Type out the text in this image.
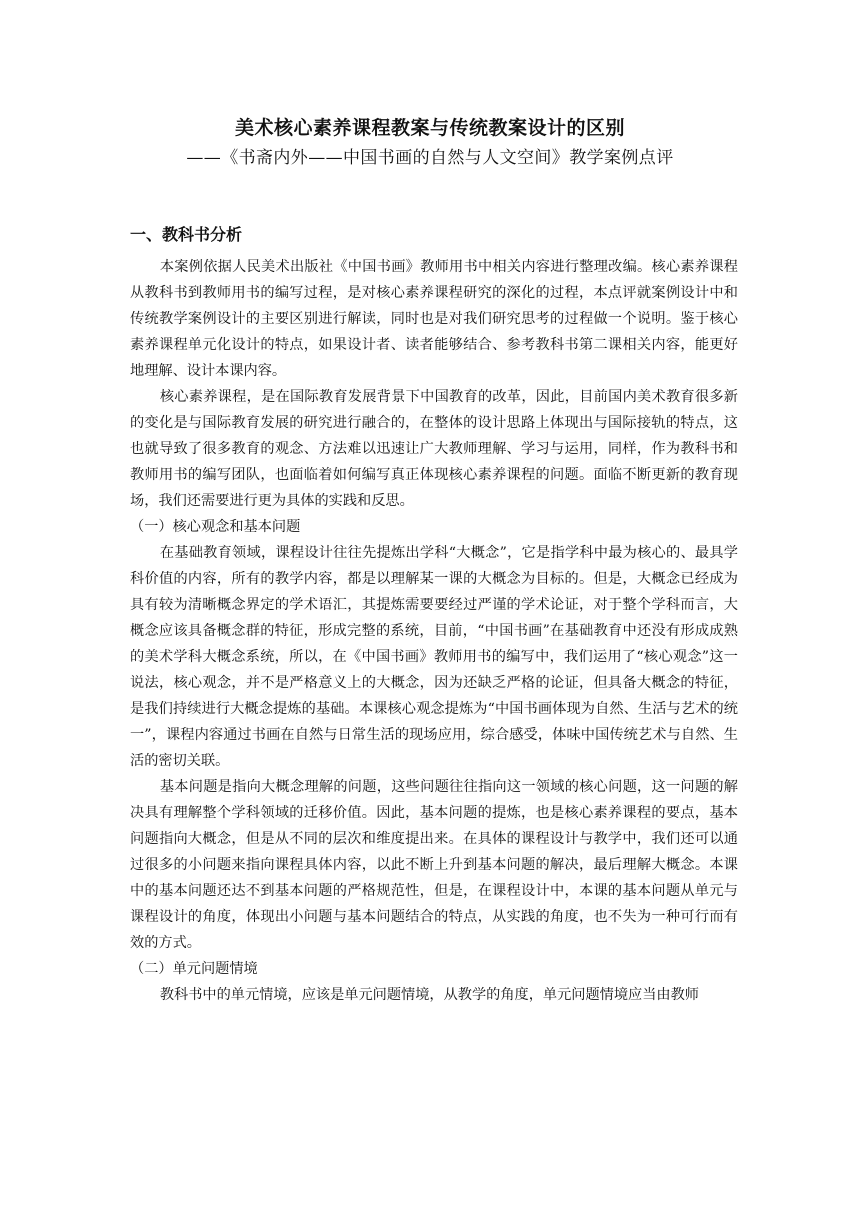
美术核心素养课程教案与传统教案设计的区别
——《书斋内外——中国书画的自然与人文空间》教学案例点评
一、教科书分析

本案例依据人民美术出版社《中国书画》教师用书中相关内容进行整理改编。核心素养课程从教科书到教师用书的编写过程，是对核心素养课程研究的深化的过程，本点评就案例设计中和传统教学案例设计的主要区别进行解读，同时也是对我们研究思考的过程做一个说明。鉴于核心素养课程单元化设计的特点，如果设计者、读者能够结合、参考教科书第二课相关内容，能更好地理解、设计本课内容。

核心素养课程，是在国际教育发展背景下中国教育的改革，因此，目前国内美术教育很多新的变化是与国际教育发展的研究进行融合的，在整体的设计思路上体现出与国际接轨的特点，这也就导致了很多教育的观念、方法难以迅速让广大教师理解、学习与运用，同样，作为教科书和教师用书的编写团队，也面临着如何编写真正体现核心素养课程的问题。面临不断更新的教育现场，我们还需要进行更为具体的实践和反思。

（一）核心观念和基本问题

在基础教育领域，课程设计往往先提炼出学科“大概念”，它是指学科中最为核心的、最具学科价值的内容，所有的教学内容，都是以理解某一课的大概念为目标的。但是，大概念已经成为具有较为清晰概念界定的学术语汇，其提炼需要要经过严谨的学术论证，对于整个学科而言，大概念应该具备概念群的特征，形成完整的系统，目前，“中国书画”在基础教育中还没有形成成熟的美术学科大概念系统，所以，在《中国书画》教师用书的编写中，我们运用了“核心观念”这一说法，核心观念，并不是严格意义上的大概念，因为还缺乏严格的论证，但具备大概念的特征，是我们持续进行大概念提炼的基础。本课核心观念提炼为“中国书画体现为自然、生活与艺术的统一”，课程内容通过书画在自然与日常生活的现场应用，综合感受，体味中国传统艺术与自然、生活的密切关联。

基本问题是指向大概念理解的问题，这些问题往往指向这一领域的核心问题，这一问题的解决具有理解整个学科领域的迁移价值。因此，基本问题的提炼，也是核心素养课程的要点，基本问题指向大概念，但是从不同的层次和维度提出来。在具体的课程设计与教学中，我们还可以通过很多的小问题来指向课程具体内容，以此不断上升到基本问题的解决，最后理解大概念。本课中的基本问题还达不到基本问题的严格规范性，但是，在课程设计中，本课的基本问题从单元与课程设计的角度，体现出小问题与基本问题结合的特点，从实践的角度，也不失为一种可行而有效的方式。

（二）单元问题情境

教科书中的单元情境，应该是单元问题情境，从教学的角度，单元问题情境应当由教师
